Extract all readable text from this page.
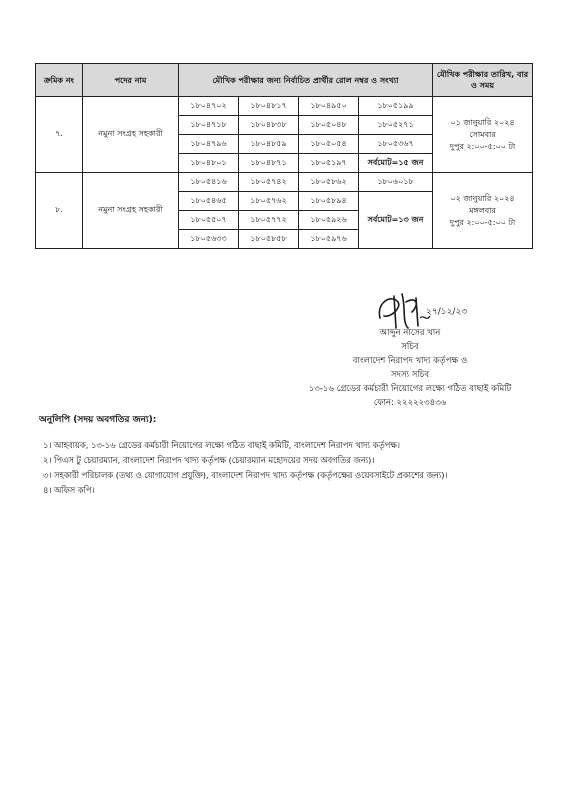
ক্রমিক নং	পদের নাম	মৌখিক পরীক্ষার জন্য নির্বাচিত প্রার্থীর রোল নম্বর ও সংখ্যা				মৌখিক পরীক্ষার তারিখ, বার ও সময়
৭.	নমুনা সংগ্রহ সহকারী	১৮০৪৭০২	১৮০৪৮১৭	১৮০৪৯৫০	১৮০৫১৯৯	০১ জানুয়ারি ২০২৪
সোমবার
দুপুর ২:০০-৫:০০ টা

		১৮০৪৭১৮	১৮০৪৮৩৮	১৮০৫০৪৮	১৮০৫২৭১	
		১৮০৪৭৯৬	১৮০৪৮৫৯	১৮০৫০৫৪	১৮০৫৩৬৭	
		১৮০৪৮০১	১৮০৪৮৭১	১৮০৫১৯৭	সর্বমোট=১৫ জন	
৮.	নমুনা সংগ্রহ সহকারী	১৮০৫৪১৬	১৮০৫৭৪২	১৮০৫৮৬২	১৮০৬০১৮	০২ জানুয়ারি ২০২৪
মঙ্গলবার
দুপুর ২:০০-৫:০০ টা

		১৮০৫৪৬৫	১৮০৫৭৬২	১৮০৫৮৯৪	সর্বমোট=১৩ জন	
		১৮০৫৫০৭	১৮০৫৭৭২	১৮০৫৯২৬		
		১৮০৫৬৩৩	১৮০৫৮৫৮	১৮০৫৯৭৬		
২৭/১২/২৩
আব্দুন নাসের খান
সচিব
বাংলাদেশ নিরাপদ খাদ্য কর্তৃপক্ষ ও
সদস্য সচিব
১৩-১৬ গ্রেডের কর্মচারী নিয়োগের লক্ষ্যে গঠিত বাছাই কমিটি
ফোন: ২২২২২৩৪৩৬
অনুলিপি (সদয় অবগতির জন্য):
১। আহবায়ক, ১৩-১৬ গ্রেডের কর্মচারী নিয়োগের লক্ষ্যে গঠিত বাছাই কমিটি, বাংলাদেশ নিরাপদ খাদ্য কর্তৃপক্ষ।
২। পিএস টু চেয়ারম্যান, বাংলাদেশ নিরাপদ খাদ্য কর্তৃপক্ষ (চেয়ারম্যান মহোদয়ের সদয় অবগতির জন্য)।
৩। সহকারী পরিচালক (তথ্য ও যোগাযোগ প্রযুক্তি), বাংলাদেশ নিরাপদ খাদ্য কর্তৃপক্ষ (কর্তৃপক্ষের ওয়েবসাইটে প্রকাশের জন্য)।
৪। অফিস কপি।
